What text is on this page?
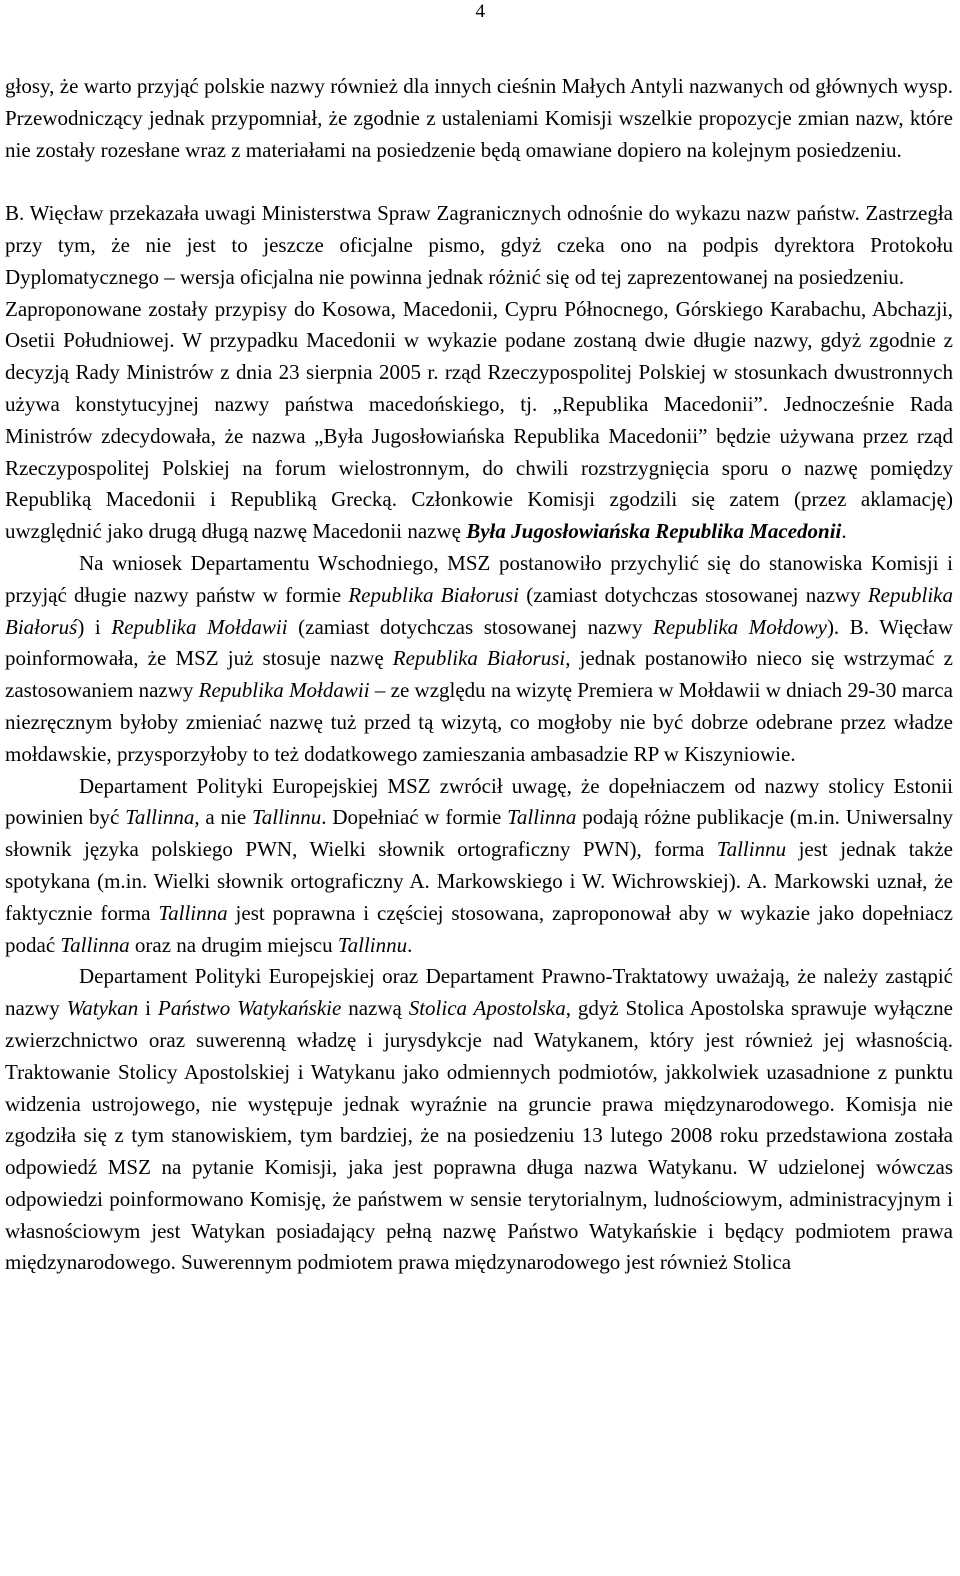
4

głosy, że warto przyjąć polskie nazwy również dla innych cieśnin Małych Antyli nazwanych od głównych wysp. Przewodniczący jednak przypomniał, że zgodnie z ustaleniami Komisji wszelkie propozycje zmian nazw, które nie zostały rozesłane wraz z materiałami na posiedzenie będą omawiane dopiero na kolejnym posiedzeniu.

B. Więcław przekazała uwagi Ministerstwa Spraw Zagranicznych odnośnie do wykazu nazw państw. Zastrzegła przy tym, że nie jest to jeszcze oficjalne pismo, gdyż czeka ono na podpis dyrektora Protokołu Dyplomatycznego – wersja oficjalna nie powinna jednak różnić się od tej zaprezentowanej na posiedzeniu.

Zaproponowane zostały przypisy do Kosowa, Macedonii, Cypru Północnego, Górskiego Karabachu, Abchazji, Osetii Południowej. W przypadku Macedonii w wykazie podane zostaną dwie długie nazwy, gdyż zgodnie z decyzją Rady Ministrów z dnia 23 sierpnia 2005 r. rząd Rzeczypospolitej Polskiej w stosunkach dwustronnych używa konstytucyjnej nazwy państwa macedońskiego, tj. „Republika Macedonii”. Jednocześnie Rada Ministrów zdecydowała, że nazwa „Była Jugosłowiańska Republika Macedonii” będzie używana przez rząd Rzeczypospolitej Polskiej na forum wielostronnym, do chwili rozstrzygnięcia sporu o nazwę pomiędzy Republiką Macedonii i Republiką Grecką. Członkowie Komisji zgodzili się zatem (przez aklamację) uwzględnić jako drugą długą nazwę Macedonii nazwę Była Jugosłowiańska Republika Macedonii.

Na wniosek Departamentu Wschodniego, MSZ postanowiło przychylić się do stanowiska Komisji i przyjąć długie nazwy państw w formie Republika Białorusi (zamiast dotychczas stosowanej nazwy Republika Białoruś) i Republika Mołdawii (zamiast dotychczas stosowanej nazwy Republika Mołdowy). B. Więcław poinformowała, że MSZ już stosuje nazwę Republika Białorusi, jednak postanowiło nieco się wstrzymać z zastosowaniem nazwy Republika Mołdawii – ze względu na wizytę Premiera w Mołdawii w dniach 29-30 marca niezręcznym byłoby zmieniać nazwę tuż przed tą wizytą, co mogłoby nie być dobrze odebrane przez władze mołdawskie, przysporzyłoby to też dodatkowego zamieszania ambasadzie RP w Kiszyniowie.

Departament Polityki Europejskiej MSZ zwrócił uwagę, że dopełniaczem od nazwy stolicy Estonii powinien być Tallinna, a nie Tallinnu. Dopełniać w formie Tallinna podają różne publikacje (m.in. Uniwersalny słownik języka polskiego PWN, Wielki słownik ortograficzny PWN), forma Tallinnu jest jednak także spotykana (m.in. Wielki słownik ortograficzny A. Markowskiego i W. Wichrowskiej). A. Markowski uznał, że faktycznie forma Tallinna jest poprawna i częściej stosowana, zaproponował aby w wykazie jako dopełniacz podać Tallinna oraz na drugim miejscu Tallinnu.

Departament Polityki Europejskiej oraz Departament Prawno-Traktatowy uważają, że należy zastąpić nazwy Watykan i Państwo Watykańskie nazwą Stolica Apostolska, gdyż Stolica Apostolska sprawuje wyłączne zwierzchnictwo oraz suwerenną władzę i jurysdykcje nad Watykanem, który jest również jej własnością. Traktowanie Stolicy Apostolskiej i Watykanu jako odmiennych podmiotów, jakkolwiek uzasadnione z punktu widzenia ustrojowego, nie występuje jednak wyraźnie na gruncie prawa międzynarodowego. Komisja nie zgodziła się z tym stanowiskiem, tym bardziej, że na posiedzeniu 13 lutego 2008 roku przedstawiona została odpowiedź MSZ na pytanie Komisji, jaka jest poprawna długa nazwa Watykanu. W udzielonej wówczas odpowiedzi poinformowano Komisję, że państwem w sensie terytorialnym, ludnościowym, administracyjnym i własnościowym jest Watykan posiadający pełną nazwę Państwo Watykańskie i będący podmiotem prawa międzynarodowego. Suwerennym podmiotem prawa międzynarodowego jest również Stolica
